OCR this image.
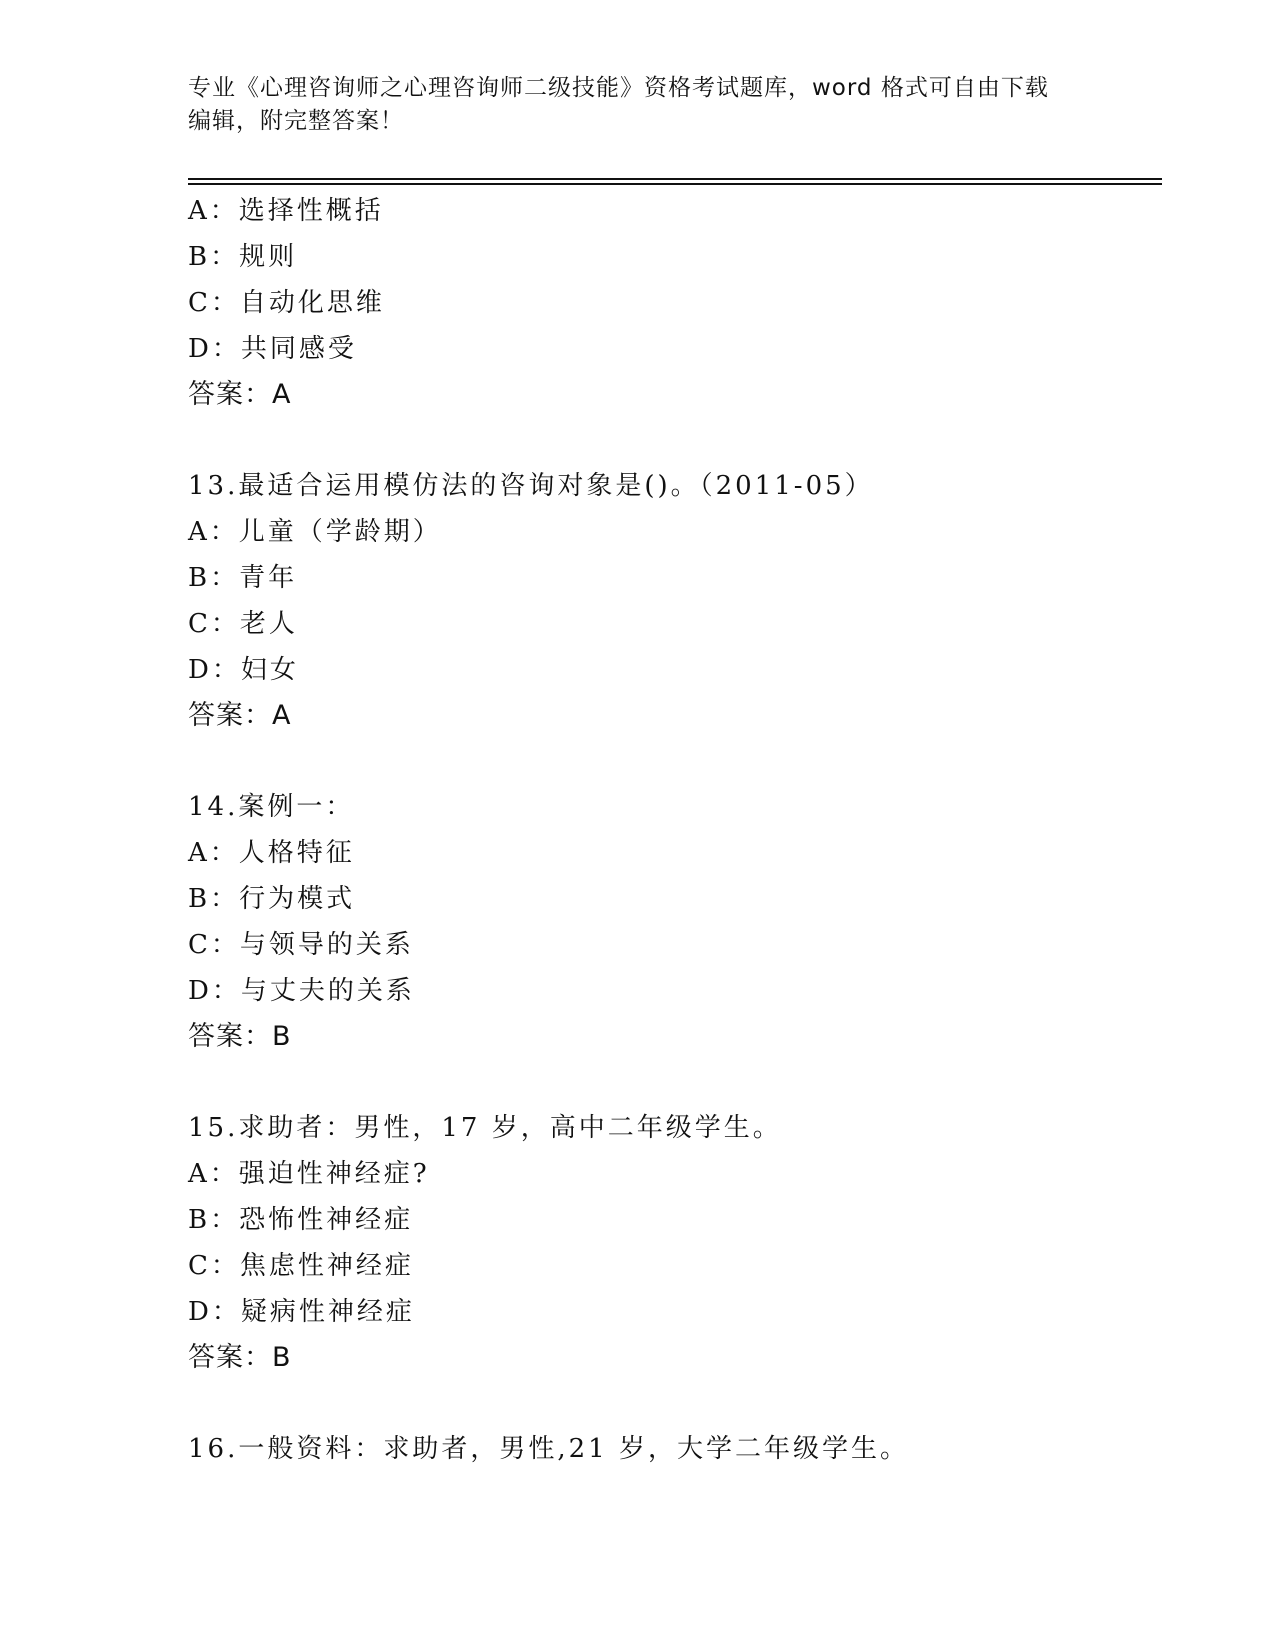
专业《心理咨询师之心理咨询师二级技能》资格考试题库，word 格式可自由下载
编辑，附完整答案！
A：选择性概括
B：规则
C：自动化思维
D：共同感受
答案：A
13.最适合运用模仿法的咨询对象是()。（2011-05）
A：儿童（学龄期）
B：青年
C：老人
D：妇女
答案：A
14.案例一：
A：人格特征
B：行为模式
C：与领导的关系
D：与丈夫的关系
答案：B
15.求助者：男性，17 岁，高中二年级学生。
A：强迫性神经症?
B：恐怖性神经症
C：焦虑性神经症
D：疑病性神经症
答案：B
16.一般资料：求助者，男性,21 岁，大学二年级学生。
